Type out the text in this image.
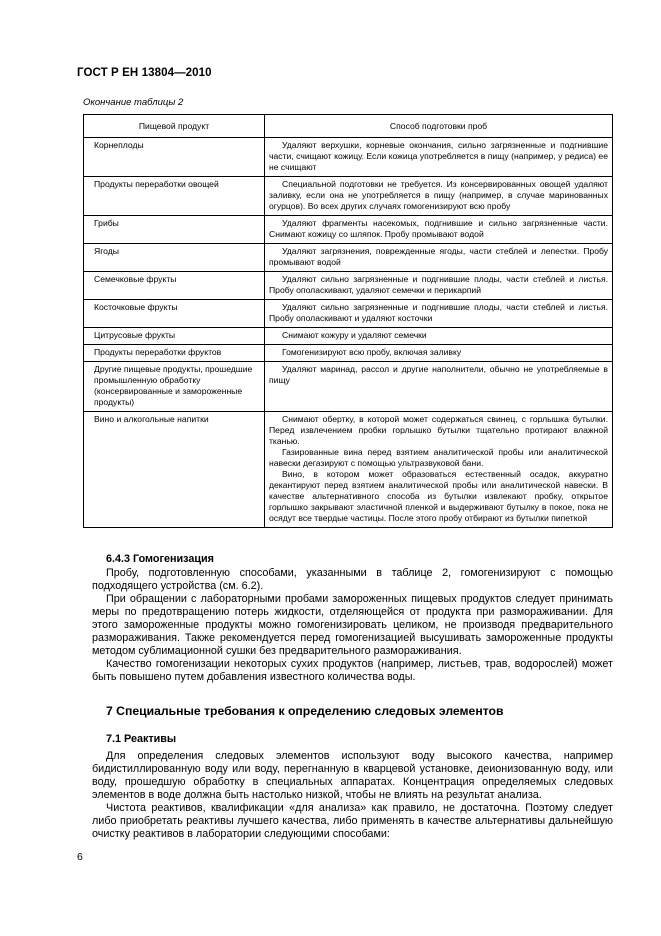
ГОСТ Р ЕН 13804—2010
Окончание таблицы 2
Пищевой продукт	Способ подготовки проб
Корнеплоды	Удаляют верхушки, корневые окончания, сильно загрязненные и подгнившие части, счищают кожицу. Если кожица употребляется в пищу (например, у редиса) ее не счищают

Продукты переработки овощей	Специальной подготовки не требуется. Из консервированных овощей удаляют заливку, если она не употребляется в пищу (например, в случае маринованных огурцов). Во всех других случаях гомогенизируют всю пробу

Грибы	Удаляют фрагменты насекомых, подгнившие и сильно загрязненные части. Снимают кожицу со шляпок. Пробу промывают водой

Ягоды	Удаляют загрязнения, поврежденные ягоды, части стеблей и лепестки. Пробу промывают водой

Семечковые фрукты	Удаляют сильно загрязненные и подгнившие плоды, части стеблей и листья. Пробу ополаскивают, удаляют семечки и перикарпий

Косточковые фрукты	Удаляют сильно загрязненные и подгнившие плоды, части стеблей и листья. Пробу ополаскивают и удаляют косточки

Цитрусовые фрукты	Снимают кожуру и удаляют семечки

Продукты переработки фруктов	Гомогенизируют всю пробу, включая заливку

Другие пищевые продукты, прошедшие промышленную обработку (консервированные и замороженные продукты)	Удаляют маринад, рассол и другие наполнители, обычно не употребляемые в пищу

Вино и алкогольные напитки	Снимают обертку, в которой может содержаться свинец, с горлышка бутылки. Перед извлечением пробки горлышко бутылки тщательно протирают влажной тканью.

Газированные вина перед взятием аналитической пробы или аналитической навески дегазируют с помощью ультразвуковой бани.

Вино, в котором может образоваться естественный осадок, аккуратно декантируют перед взятием аналитической пробы или аналитической навески. В качестве альтернативного способа из бутылки извлекают пробку, открытое горлышко закрывают эластичной пленкой и выдерживают бутылку в покое, пока не осядут все твердые частицы. После этого пробу отбирают из бутылки пипеткой

6.4.3 Гомогенизация

Пробу, подготовленную способами, указанными в таблице 2, гомогенизируют с помощью подходящего устройства (см. 6.2).

При обращении с лабораторными пробами замороженных пищевых продуктов следует принимать меры по предотвращению потерь жидкости, отделяющейся от продукта при размораживании. Для этого замороженные продукты можно гомогенизировать целиком, не производя предварительного размораживания. Также рекомендуется перед гомогенизацией высушивать замороженные продукты методом сублимационной сушки без предварительного размораживания.

Качество гомогенизации некоторых сухих продуктов (например, листьев, трав, водорослей) может быть повышено путем добавления известного количества воды.

7 Специальные требования к определению следовых элементов
7.1 Реактивы

Для определения следовых элементов используют воду высокого качества, например бидистиллированную воду или воду, перегнанную в кварцевой установке, деионизованную воду, или воду, прошедшую обработку в специальных аппаратах. Концентрация определяемых следовых элементов в воде должна быть настолько низкой, чтобы не влиять на результат анализа.

Чистота реактивов, квалификации «для анализа» как правило, не достаточна. Поэтому следует либо приобретать реактивы лучшего качества, либо применять в качестве альтернативы дальнейшую очистку реактивов в лаборатории следующими способами:

6
